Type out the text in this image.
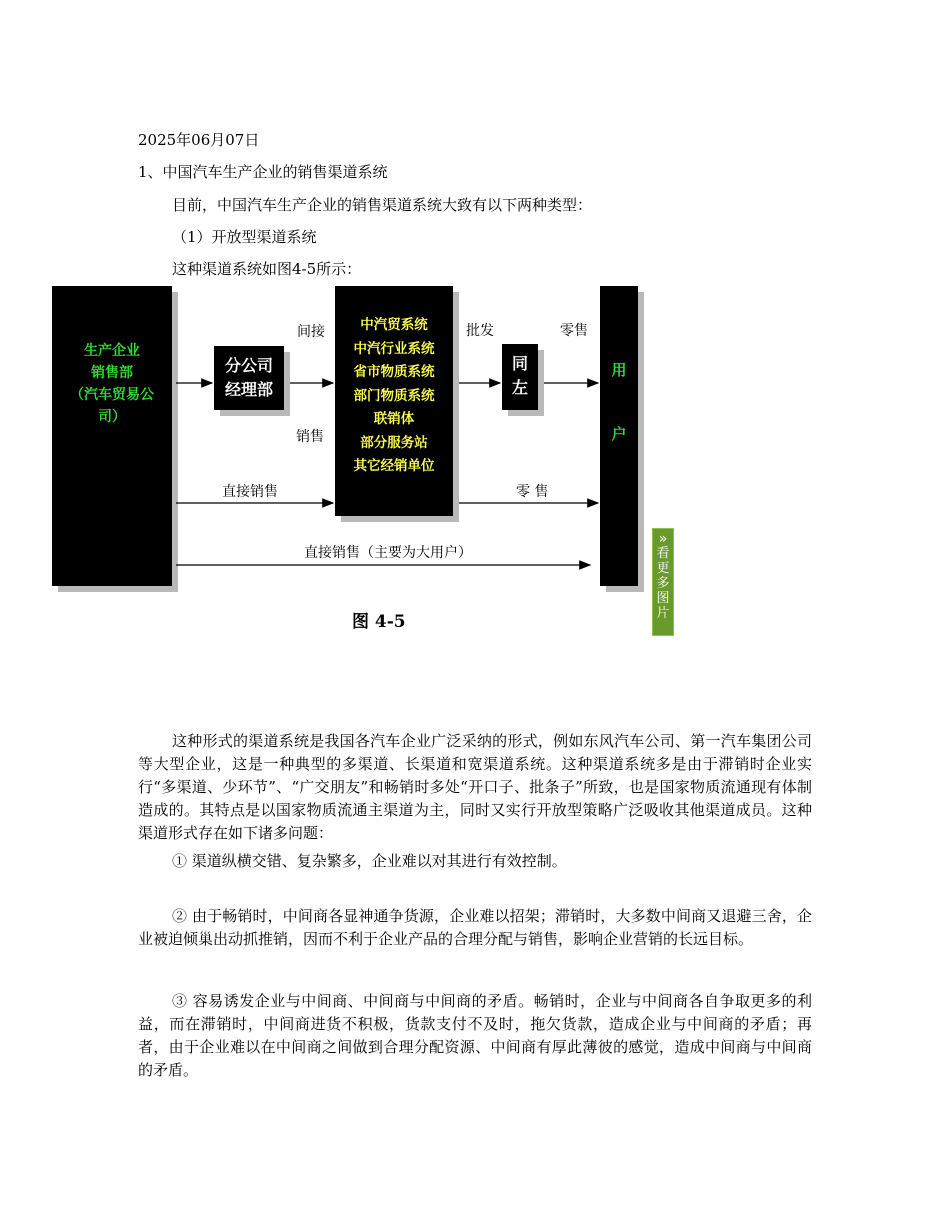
2025年06月07日
1、中国汽车生产企业的销售渠道系统
目前，中国汽车生产企业的销售渠道系统大致有以下两种类型：
（1）开放型渠道系统
这种渠道系统如图4-5所示：
生产企业
销售部
（汽车贸易公
司）
分公司
经理部
中汽贸系统
中汽行业系统
省市物质系统
部门物质系统
联销体
部分服务站
其它经销单位
同
左
用
户
间接
销售
批发	零售
直接销售	零 售
直接销售（主要为大用户）
图 4-5
»
看更多图片
这种形式的渠道系统是我国各汽车企业广泛采纳的形式，例如东风汽车公司、第一汽车集团公司等大型企业，这是一种典型的多渠道、长渠道和宽渠道系统。这种渠道系统多是由于滞销时企业实行“多渠道、少环节”、“广交朋友”和畅销时多处“开口子、批条子”所致，也是国家物质流通现有体制造成的。其特点是以国家物质流通主渠道为主，同时又实行开放型策略广泛吸收其他渠道成员。这种渠道形式存在如下诸多问题：
① 渠道纵横交错、复杂繁多，企业难以对其进行有效控制。
② 由于畅销时，中间商各显神通争货源，企业难以招架；滞销时，大多数中间商又退避三舍，企业被迫倾巢出动抓推销，因而不利于企业产品的合理分配与销售，影响企业营销的长远目标。
③ 容易诱发企业与中间商、中间商与中间商的矛盾。畅销时，企业与中间商各自争取更多的利益，而在滞销时，中间商进货不积极，货款支付不及时，拖欠货款，造成企业与中间商的矛盾；再者，由于企业难以在中间商之间做到合理分配资源、中间商有厚此薄彼的感觉，造成中间商与中间商的矛盾。
